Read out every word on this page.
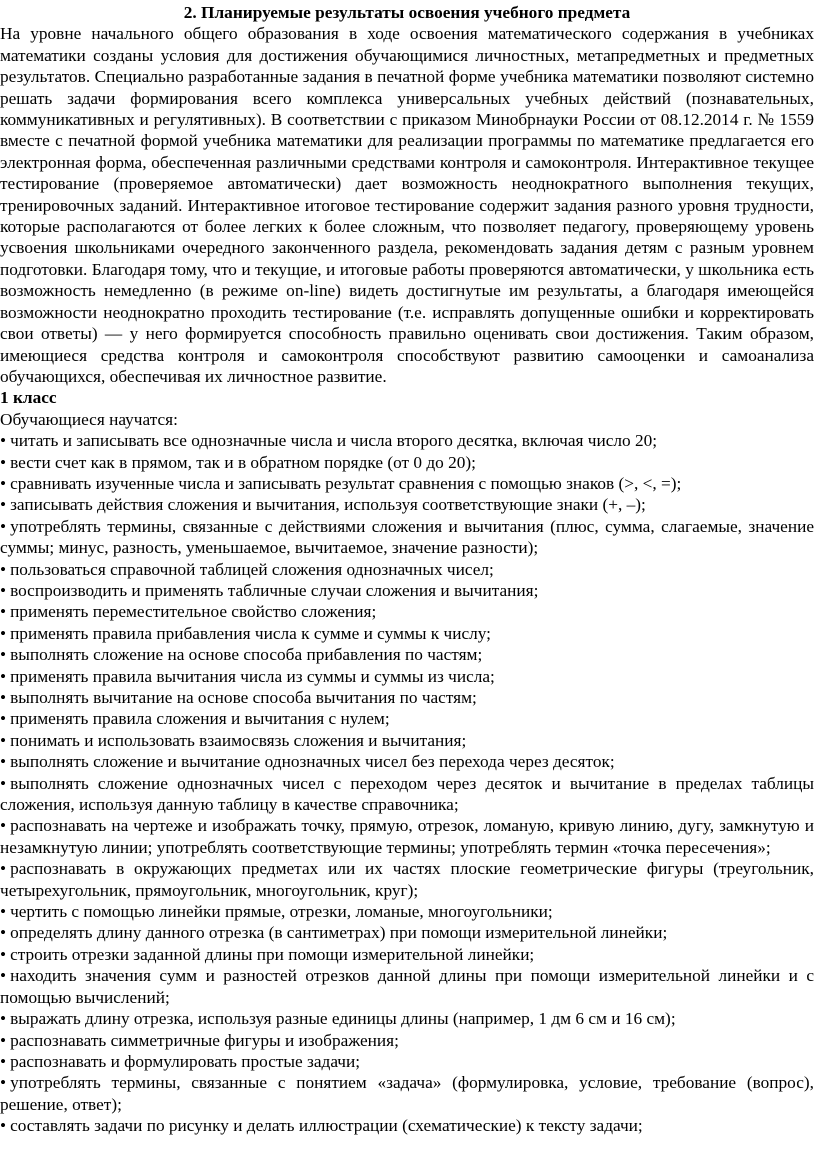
2. Планируемые результаты освоения учебного предмета

На уровне начального общего образования в ходе освоения математического содержания в учебниках математики созданы условия для достижения обучающимися личностных, метапредметных и предметных результатов. Специально разработанные задания в печатной форме учебника математики позволяют системно решать задачи формирования всего комплекса универсальных учебных действий (познавательных, коммуникативных и регулятивных). В соответствии с приказом Минобрнауки России от 08.12.2014 г. № 1559 вместе с печатной формой учебника математики для реализации программы по математике предлагается его электронная форма, обеспеченная различными средствами контроля и самоконтроля. Интерактивное текущее тестирование (проверяемое автоматически) дает возможность неоднократного выполнения текущих, тренировочных заданий. Интерактивное итоговое тестирование содержит задания разного уровня трудности, которые располагаются от более легких к более сложным, что позволяет педагогу, проверяющему уровень усвоения школьниками очередного законченного раздела, рекомендовать задания детям с разным уровнем подготовки. Благодаря тому, что и текущие, и итоговые работы проверяются автоматически, у школьника есть возможность немедленно (в режиме on-line) видеть достигнутые им результаты, а благодаря имеющейся возможности неоднократно проходить тестирование (т.е. исправлять допущенные ошибки и корректировать свои ответы) — у него формируется способность правильно оценивать свои достижения. Таким образом, имеющиеся средства контроля и самоконтроля способствуют развитию самооценки и самоанализа обучающихся, обеспечивая их личностное развитие.

1 класс
Обучающиеся научатся:
• читать и записывать все однозначные числа и числа второго десятка, включая число 20;
• вести счет как в прямом, так и в обратном порядке (от 0 до 20);
• сравнивать изученные числа и записывать результат сравнения с помощью знаков (>, <, =);
• записывать действия сложения и вычитания, используя соответствующие знаки (+, –);
• употреблять термины, связанные с действиями сложения и вычитания (плюс, сумма, слагаемые, значение суммы; минус, разность, уменьшаемое, вычитаемое, значение разности);
• пользоваться справочной таблицей сложения однозначных чисел;
• воспроизводить и применять табличные случаи сложения и вычитания;
• применять переместительное свойство сложения;
• применять правила прибавления числа к сумме и суммы к числу;
• выполнять сложение на основе способа прибавления по частям;
• применять правила вычитания числа из суммы и суммы из числа;
• выполнять вычитание на основе способа вычитания по частям;
• применять правила сложения и вычитания с нулем;
• понимать и использовать взаимосвязь сложения и вычитания;
• выполнять сложение и вычитание однозначных чисел без перехода через десяток;
• выполнять сложение однозначных чисел с переходом через десяток и вычитание в пределах таблицы сложения, используя данную таблицу в качестве справочника;
• распознавать на чертеже и изображать точку, прямую, отрезок, ломаную, кривую линию, дугу, замкнутую и незамкнутую линии; употреблять соответствующие термины; употреблять термин «точка пересечения»;
• распознавать в окружающих предметах или их частях плоские геометрические фигуры (треугольник, четырехугольник, прямоугольник, многоугольник, круг);
• чертить с помощью линейки прямые, отрезки, ломаные, многоугольники;
• определять длину данного отрезка (в сантиметрах) при помощи измерительной линейки;
• строить отрезки заданной длины при помощи измерительной линейки;
• находить значения сумм и разностей отрезков данной длины при помощи измерительной линейки и с помощью вычислений;
• выражать длину отрезка, используя разные единицы длины (например, 1 дм 6 см и 16 см);
• распознавать симметричные фигуры и изображения;
• распознавать и формулировать простые задачи;
• употреблять термины, связанные с понятием «задача» (формулировка, условие, требование (вопрос), решение, ответ);
• составлять задачи по рисунку и делать иллюстрации (схематические) к тексту задачи;
